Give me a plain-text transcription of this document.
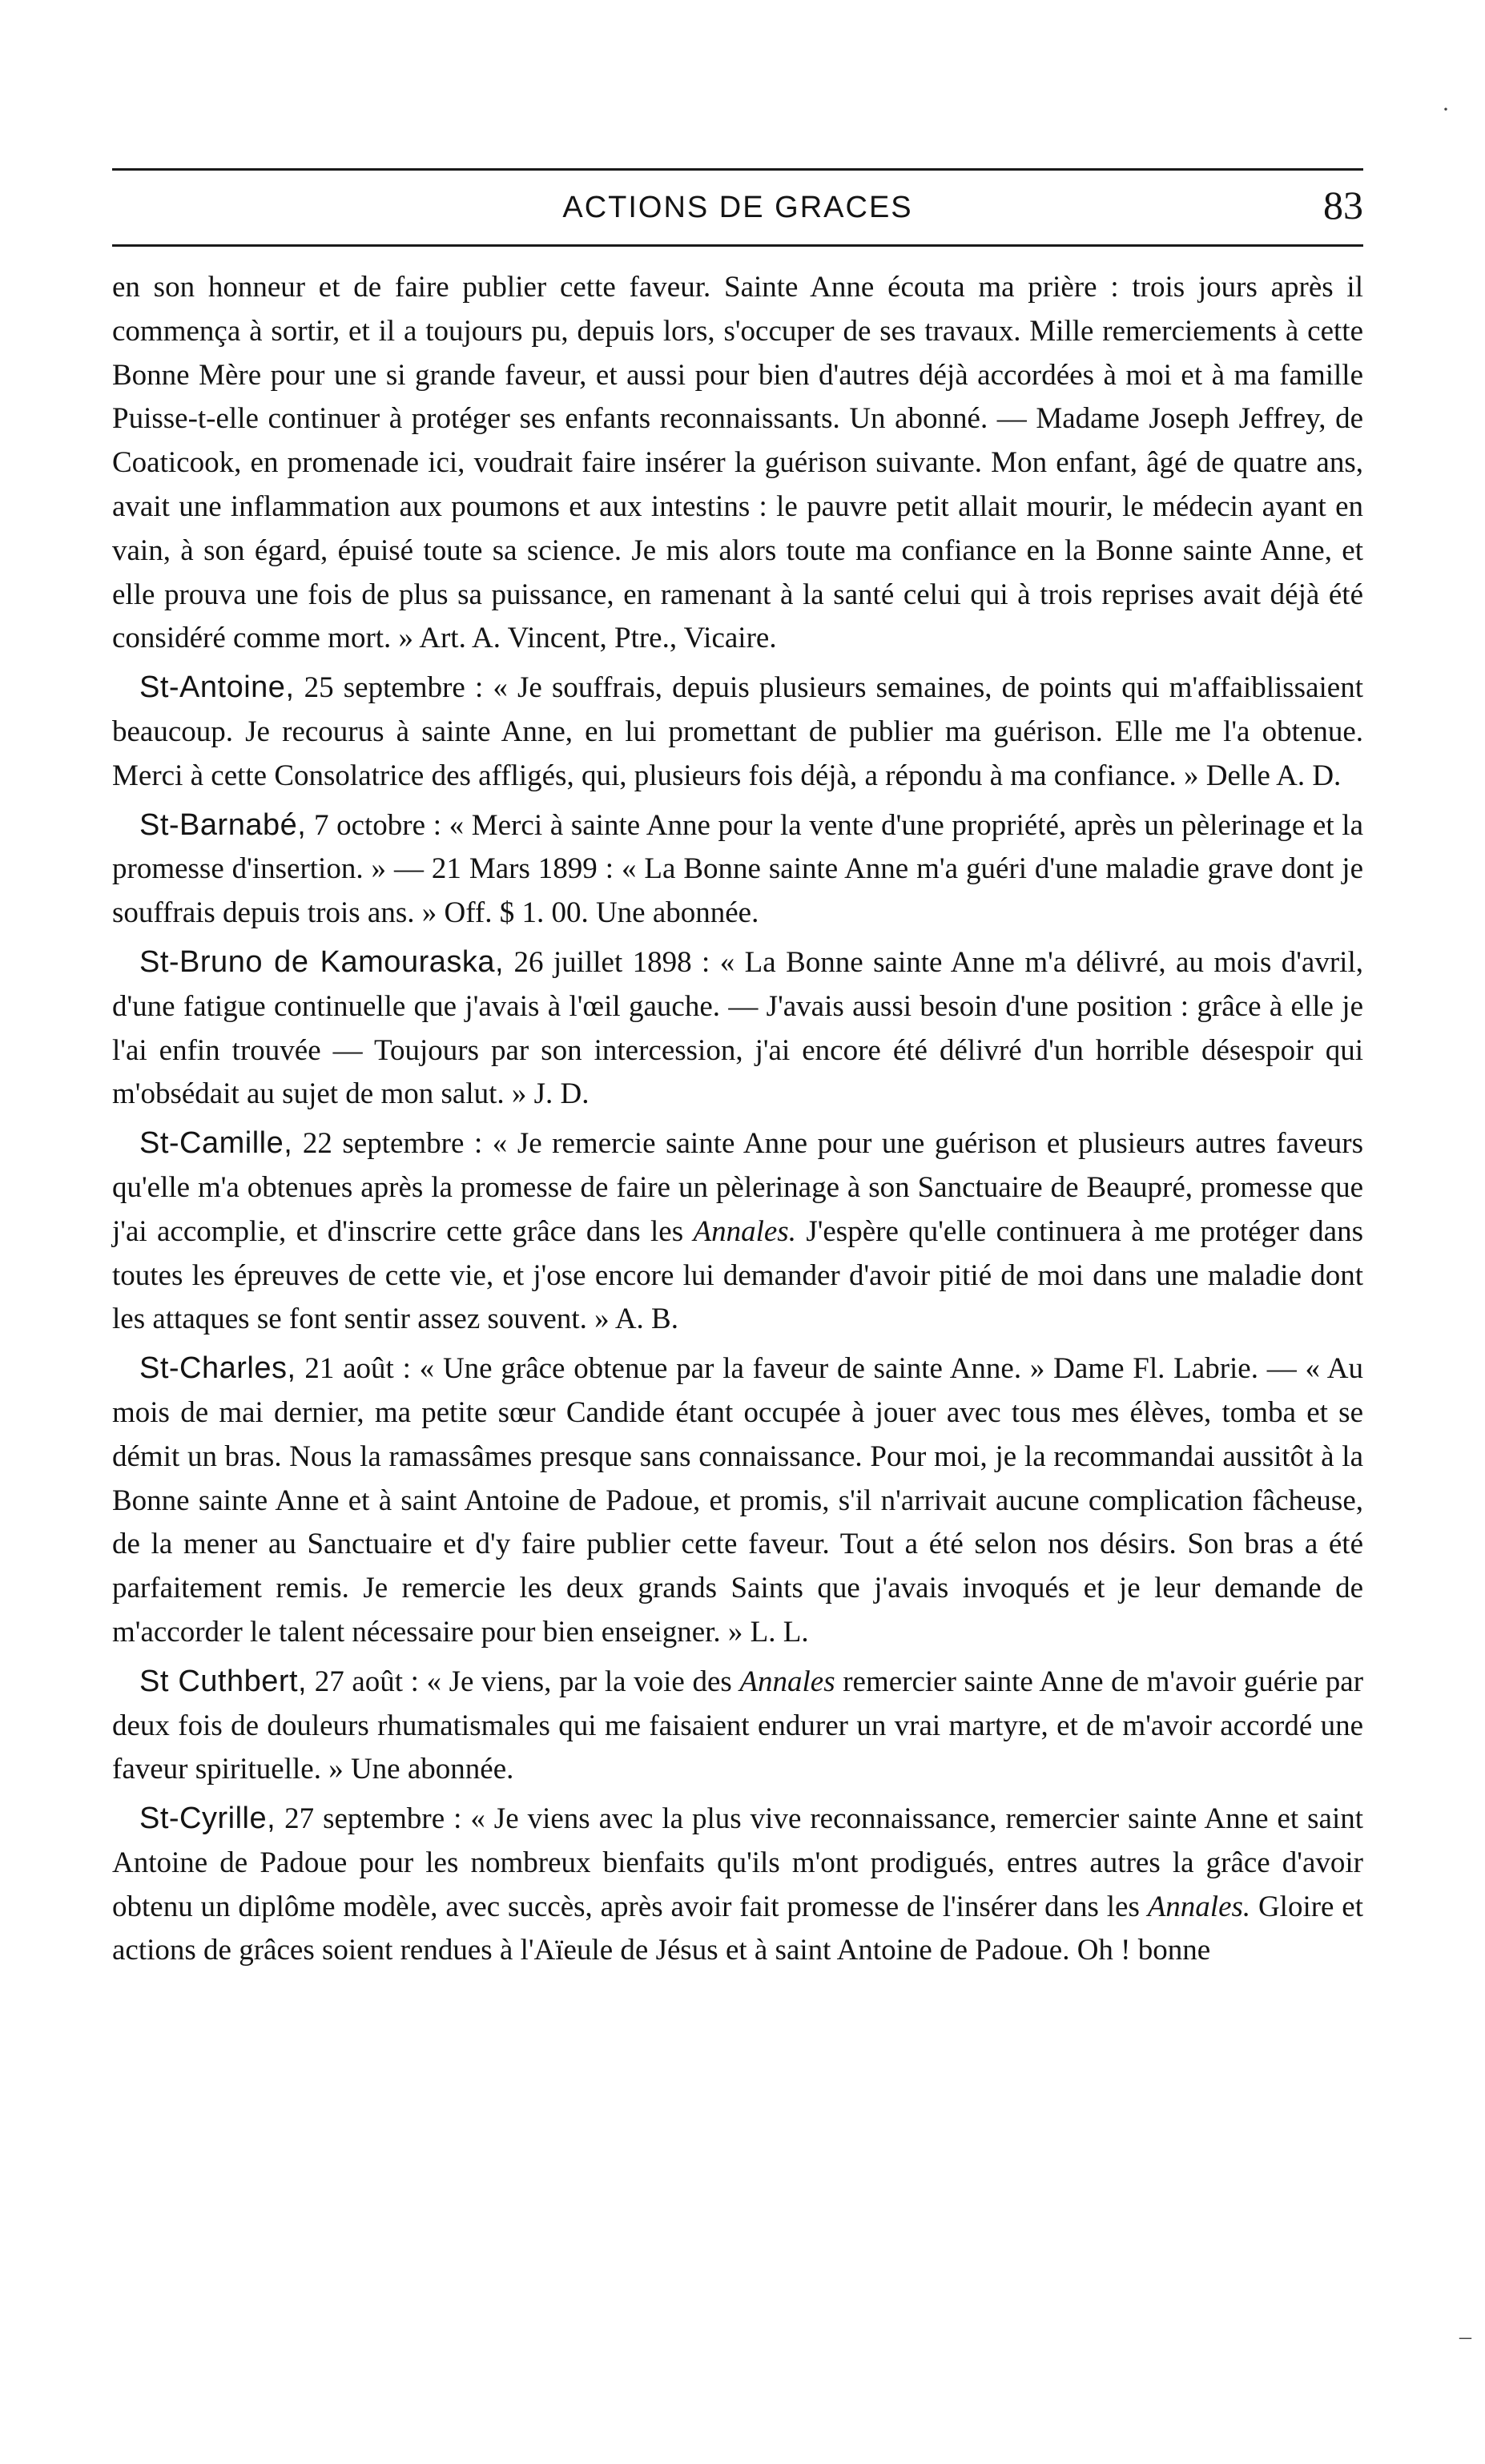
ACTIONS DE GRACES	83

en son honneur et de faire publier cette faveur. Sainte Anne écouta ma prière : trois jours après il commença à sortir, et il a toujours pu, depuis lors, s'occuper de ses travaux. Mille remerciements à cette Bonne Mère pour une si grande faveur, et aussi pour bien d'autres déjà accordées à moi et à ma famille Puisse-t-elle continuer à protéger ses enfants reconnaissants. Un abonné. — Madame Joseph Jeffrey, de Coaticook, en promenade ici, voudrait faire insérer la guérison suivante. Mon enfant, âgé de quatre ans, avait une inflammation aux poumons et aux intestins : le pauvre petit allait mourir, le médecin ayant en vain, à son égard, épuisé toute sa science. Je mis alors toute ma confiance en la Bonne sainte Anne, et elle prouva une fois de plus sa puissance, en ramenant à la santé celui qui à trois reprises avait déjà été considéré comme mort. » Art. A. Vincent, Ptre., Vicaire.

St-Antoine, 25 septembre : « Je souffrais, depuis plusieurs semaines, de points qui m'affaiblissaient beaucoup. Je recourus à sainte Anne, en lui promettant de publier ma guérison. Elle me l'a obtenue. Merci à cette Consolatrice des affligés, qui, plusieurs fois déjà, a répondu à ma confiance. » Delle A. D.

St-Barnabé, 7 octobre : « Merci à sainte Anne pour la vente d'une propriété, après un pèlerinage et la promesse d'insertion. » — 21 Mars 1899 : « La Bonne sainte Anne m'a guéri d'une maladie grave dont je souffrais depuis trois ans. » Off. $ 1. 00. Une abonnée.

St-Bruno de Kamouraska, 26 juillet 1898 : « La Bonne sainte Anne m'a délivré, au mois d'avril, d'une fatigue continuelle que j'avais à l'œil gauche. — J'avais aussi besoin d'une position : grâce à elle je l'ai enfin trouvée — Toujours par son intercession, j'ai encore été délivré d'un horrible désespoir qui m'obsédait au sujet de mon salut. » J. D.

St-Camille, 22 septembre : « Je remercie sainte Anne pour une guérison et plusieurs autres faveurs qu'elle m'a obtenues après la promesse de faire un pèlerinage à son Sanctuaire de Beaupré, promesse que j'ai accomplie, et d'inscrire cette grâce dans les Annales. J'espère qu'elle continuera à me protéger dans toutes les épreuves de cette vie, et j'ose encore lui demander d'avoir pitié de moi dans une maladie dont les attaques se font sentir assez souvent. » A. B.

St-Charles, 21 août : « Une grâce obtenue par la faveur de sainte Anne. » Dame Fl. Labrie. — « Au mois de mai dernier, ma petite sœur Candide étant occupée à jouer avec tous mes élèves, tomba et se démit un bras. Nous la ramassâmes presque sans connaissance. Pour moi, je la recommandai aussitôt à la Bonne sainte Anne et à saint Antoine de Padoue, et promis, s'il n'arrivait aucune complication fâcheuse, de la mener au Sanctuaire et d'y faire publier cette faveur. Tout a été selon nos désirs. Son bras a été parfaitement remis. Je remercie les deux grands Saints que j'avais invoqués et je leur demande de m'accorder le talent nécessaire pour bien enseigner. » L. L.

St Cuthbert, 27 août : « Je viens, par la voie des Annales remercier sainte Anne de m'avoir guérie par deux fois de douleurs rhumatismales qui me faisaient endurer un vrai martyre, et de m'avoir accordé une faveur spirituelle. » Une abonnée.

St-Cyrille, 27 septembre : « Je viens avec la plus vive reconnaissance, remercier sainte Anne et saint Antoine de Padoue pour les nombreux bienfaits qu'ils m'ont prodigués, entres autres la grâce d'avoir obtenu un diplôme modèle, avec succès, après avoir fait promesse de l'insérer dans les Annales. Gloire et actions de grâces soient rendues à l'Aïeule de Jésus et à saint Antoine de Padoue. Oh ! bonne

·
–
